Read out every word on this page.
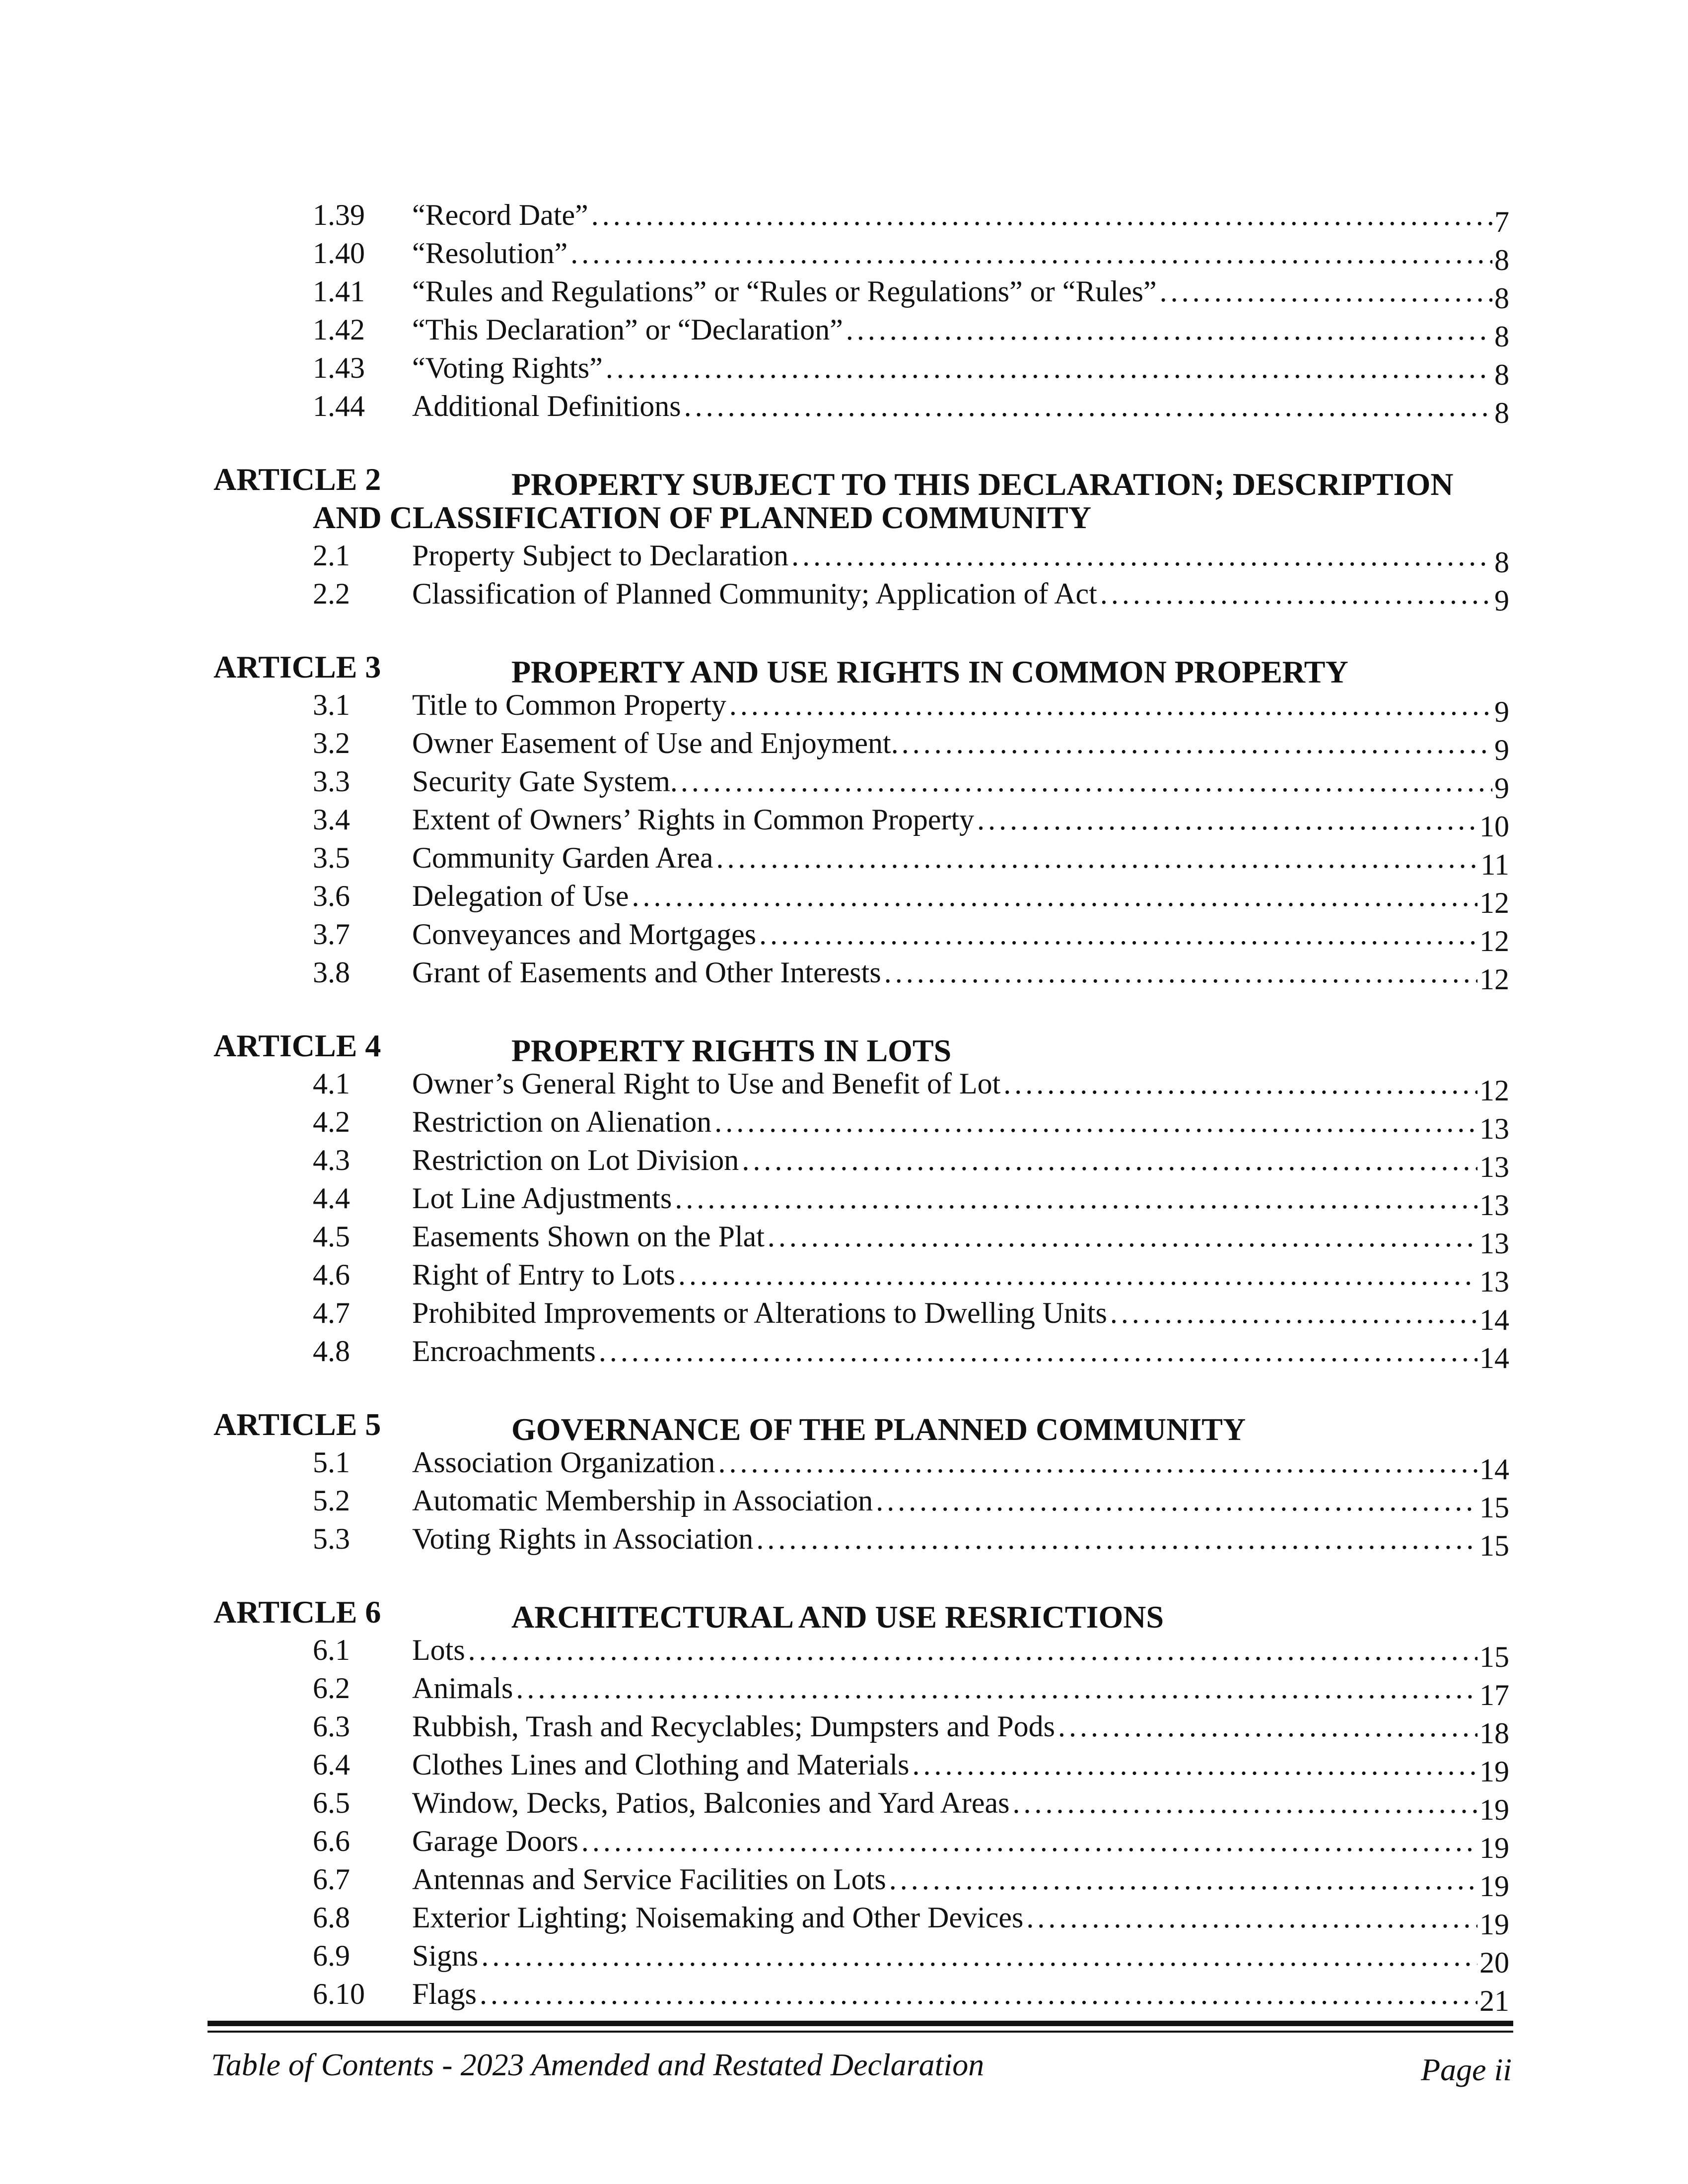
1.39	“Record Date” . . .	7
1.40	“Resolution” . . .	8
1.41	“Rules and Regulations” or “Rules or Regulations” or “Rules” . . .	8
1.42	“This Declaration” or “Declaration” . . .	8
1.43	“Voting Rights” . . .	8
1.44	Additional Definitions . . .	8
ARTICLE 2	PROPERTY SUBJECT TO THIS DECLARATION; DESCRIPTION
AND CLASSIFICATION OF PLANNED COMMUNITY
2.1	Property Subject to Declaration . . .	8
2.2	Classification of Planned Community; Application of Act . . .	9
ARTICLE 3	PROPERTY AND USE RIGHTS IN COMMON PROPERTY
3.1	Title to Common Property . . .	9
3.2	Owner Easement of Use and Enjoyment. . . .	9
3.3	Security Gate System. . . .	9
3.4	Extent of Owners’ Rights in Common Property . . .	10
3.5	Community Garden Area . . .	11
3.6	Delegation of Use . . .	12
3.7	Conveyances and Mortgages . . .	12
3.8	Grant of Easements and Other Interests . . .	12
ARTICLE 4	PROPERTY RIGHTS IN LOTS
4.1	Owner’s General Right to Use and Benefit of Lot . . .	12
4.2	Restriction on Alienation . . .	13
4.3	Restriction on Lot Division . . .	13
4.4	Lot Line Adjustments . . .	13
4.5	Easements Shown on the Plat . . .	13
4.6	Right of Entry to Lots . . .	13
4.7	Prohibited Improvements or Alterations to Dwelling Units . . .	14
4.8	Encroachments . . .	14
ARTICLE 5	GOVERNANCE OF THE PLANNED COMMUNITY
5.1	Association Organization . . .	14
5.2	Automatic Membership in Association . . .	15
5.3	Voting Rights in Association . . .	15
ARTICLE 6	ARCHITECTURAL AND USE RESRICTIONS
6.1	Lots . . .	15
6.2	Animals . . .	17
6.3	Rubbish, Trash and Recyclables; Dumpsters and Pods . . .	18
6.4	Clothes Lines and Clothing and Materials . . .	19
6.5	Window, Decks, Patios, Balconies and Yard Areas . . .	19
6.6	Garage Doors . . .	19
6.7	Antennas and Service Facilities on Lots . . .	19
6.8	Exterior Lighting; Noisemaking and Other Devices . . .	19
6.9	Signs . . .	20
6.10	Flags . . .	21
Table of Contents - 2023 Amended and Restated Declaration	Page ii
